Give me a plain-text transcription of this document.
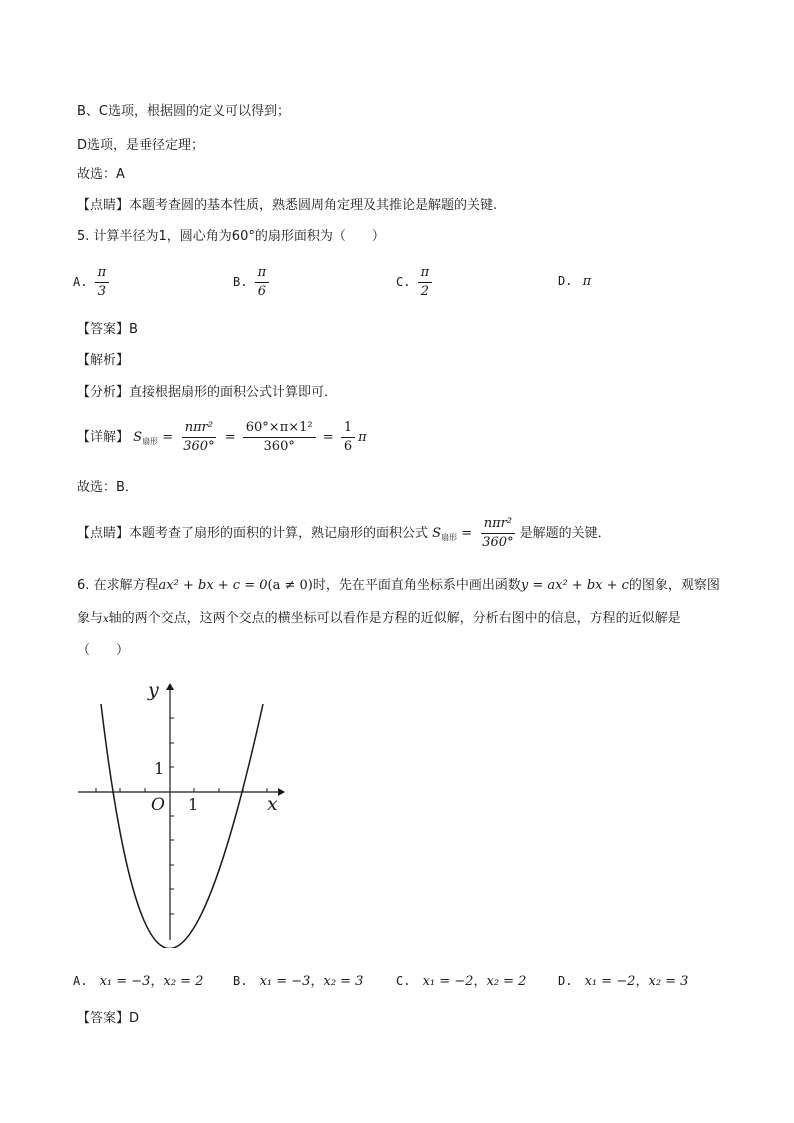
B、C选项，根据圆的定义可以得到；
D选项，是垂径定理；
故选：A
【点睛】本题考查圆的基本性质，熟悉圆周角定理及其推论是解题的关键.
5. 计算半径为1，圆心角为60°的扇形面积为（　　）
A. $\frac{\pi}{3}$	B. $\frac{\pi}{6}$	C. $\frac{\pi}{2}$	D. π
【答案】B
【解析】
【分析】直接根据扇形的面积公式计算即可．
【详解】 $S_{扇形} = \frac{\text{nπr²}}{360^\circ} = \frac{\text{60°×π×1²}}{360^\circ} = \frac{1}{6}$ π
故选：B．
【点睛】本题考查了扇形的面积的计算，熟记扇形的面积公式 $S_{扇形} = \frac{\text{nπr²}}{360^\circ}$ 是解题的关键．
6. 在求解方程ax² + bx + c = 0(a ≠ 0)时，先在平面直角坐标系中画出函数y = ax² + bx + c的图象，观察图
象与x轴的两个交点，这两个交点的横坐标可以看作是方程的近似解，分析右图中的信息，方程的近似解是
（　　）
y
x
O 1
1
A. x₁ = −3，x₂ = 2 B. x₁ = −3，x₂ = 3	C. x₁ = −2，x₂ = 2	D. x₁ = −2，x₂ = 3
【答案】D
